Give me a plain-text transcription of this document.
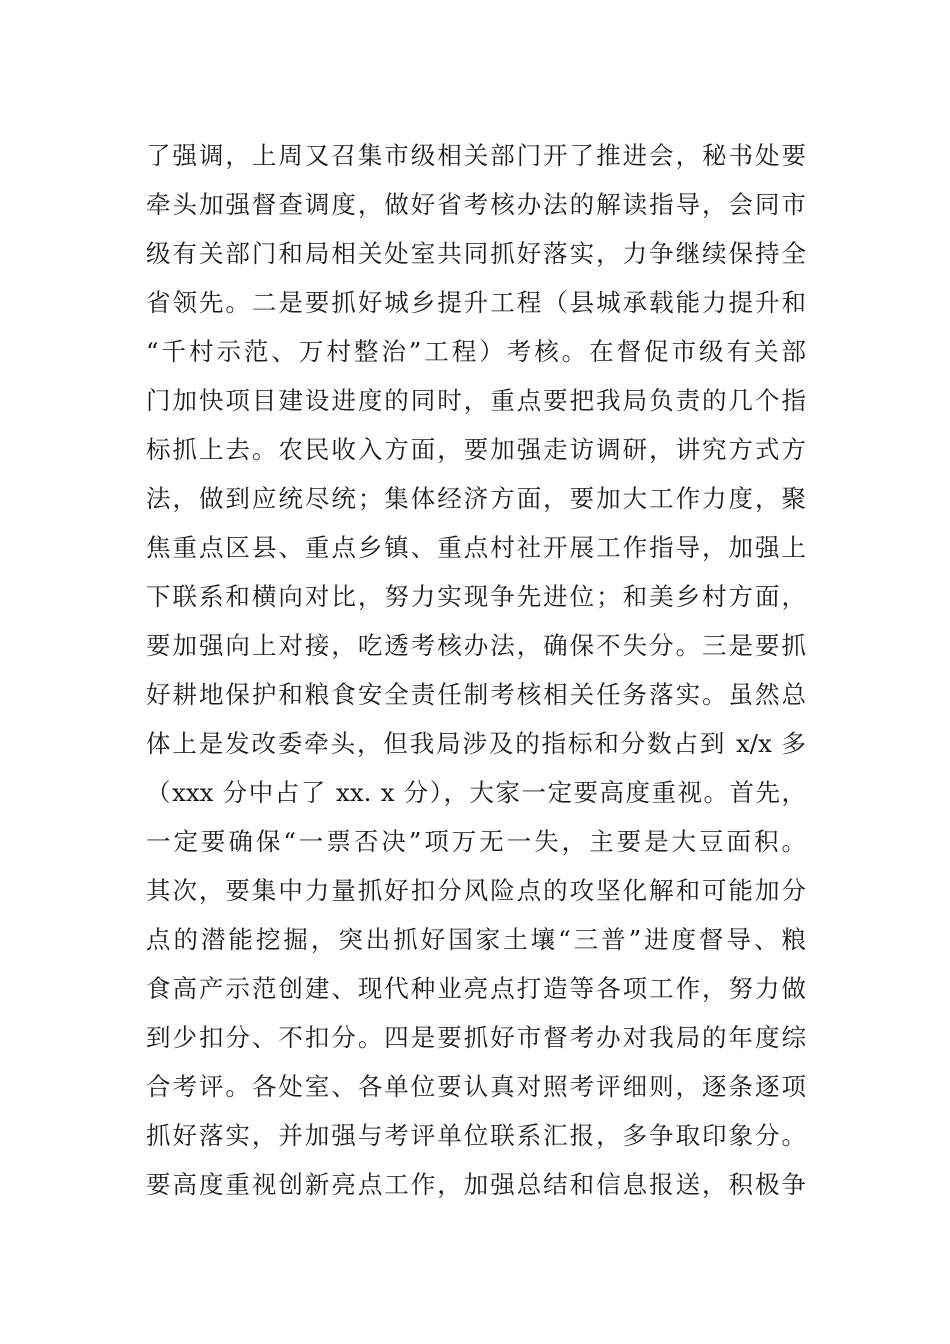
了强调，上周又召集市级相关部门开了推进会，秘书处要
牵头加强督查调度，做好省考核办法的解读指导，会同市
级有关部门和局相关处室共同抓好落实，力争继续保持全
省领先。二是要抓好城乡提升工程（县城承载能力提升和
“千村示范、万村整治”工程）考核。在督促市级有关部
门加快项目建设进度的同时，重点要把我局负责的几个指
标抓上去。农民收入方面，要加强走访调研，讲究方式方
法，做到应统尽统；集体经济方面，要加大工作力度，聚
焦重点区县、重点乡镇、重点村社开展工作指导，加强上
下联系和横向对比，努力实现争先进位；和美乡村方面，
要加强向上对接，吃透考核办法，确保不失分。三是要抓
好耕地保护和粮食安全责任制考核相关任务落实。虽然总
体上是发改委牵头，但我局涉及的指标和分数占到 x/x 多
（xxx 分中占了 xx. x 分），大家一定要高度重视。首先，
一定要确保“一票否决”项万无一失，主要是大豆面积。
其次，要集中力量抓好扣分风险点的攻坚化解和可能加分
点的潜能挖掘，突出抓好国家土壤“三普”进度督导、粮
食高产示范创建、现代种业亮点打造等各项工作，努力做
到少扣分、不扣分。四是要抓好市督考办对我局的年度综
合考评。各处室、各单位要认真对照考评细则，逐条逐项
抓好落实，并加强与考评单位联系汇报，多争取印象分。
要高度重视创新亮点工作，加强总结和信息报送，积极争
